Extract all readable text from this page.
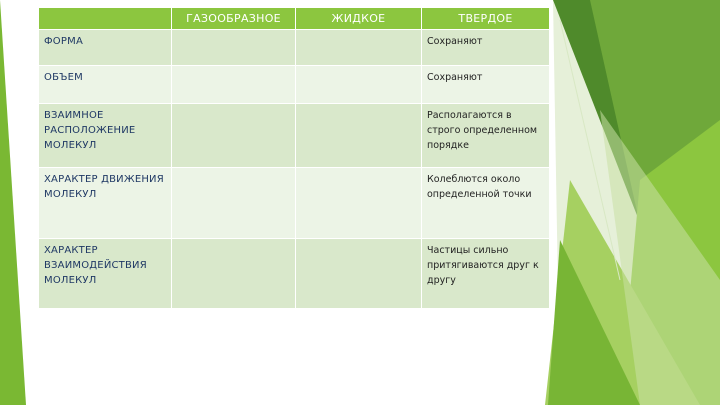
	ГАЗООБРАЗНОЕ	ЖИДКОЕ	ТВЕРДОЕ
ФОРМА			Сохраняют
ОБЪЕМ			Сохраняют
ВЗАИМНОЕ РАСПОЛОЖЕНИЕ МОЛЕКУЛ			Располагаются в строго определенном порядке
ХАРАКТЕР ДВИЖЕНИЯ МОЛЕКУЛ			Колеблются около определенной точки
ХАРАКТЕР ВЗАИМОДЕЙСТВИЯ МОЛЕКУЛ			Частицы сильно притягиваются друг к другу
